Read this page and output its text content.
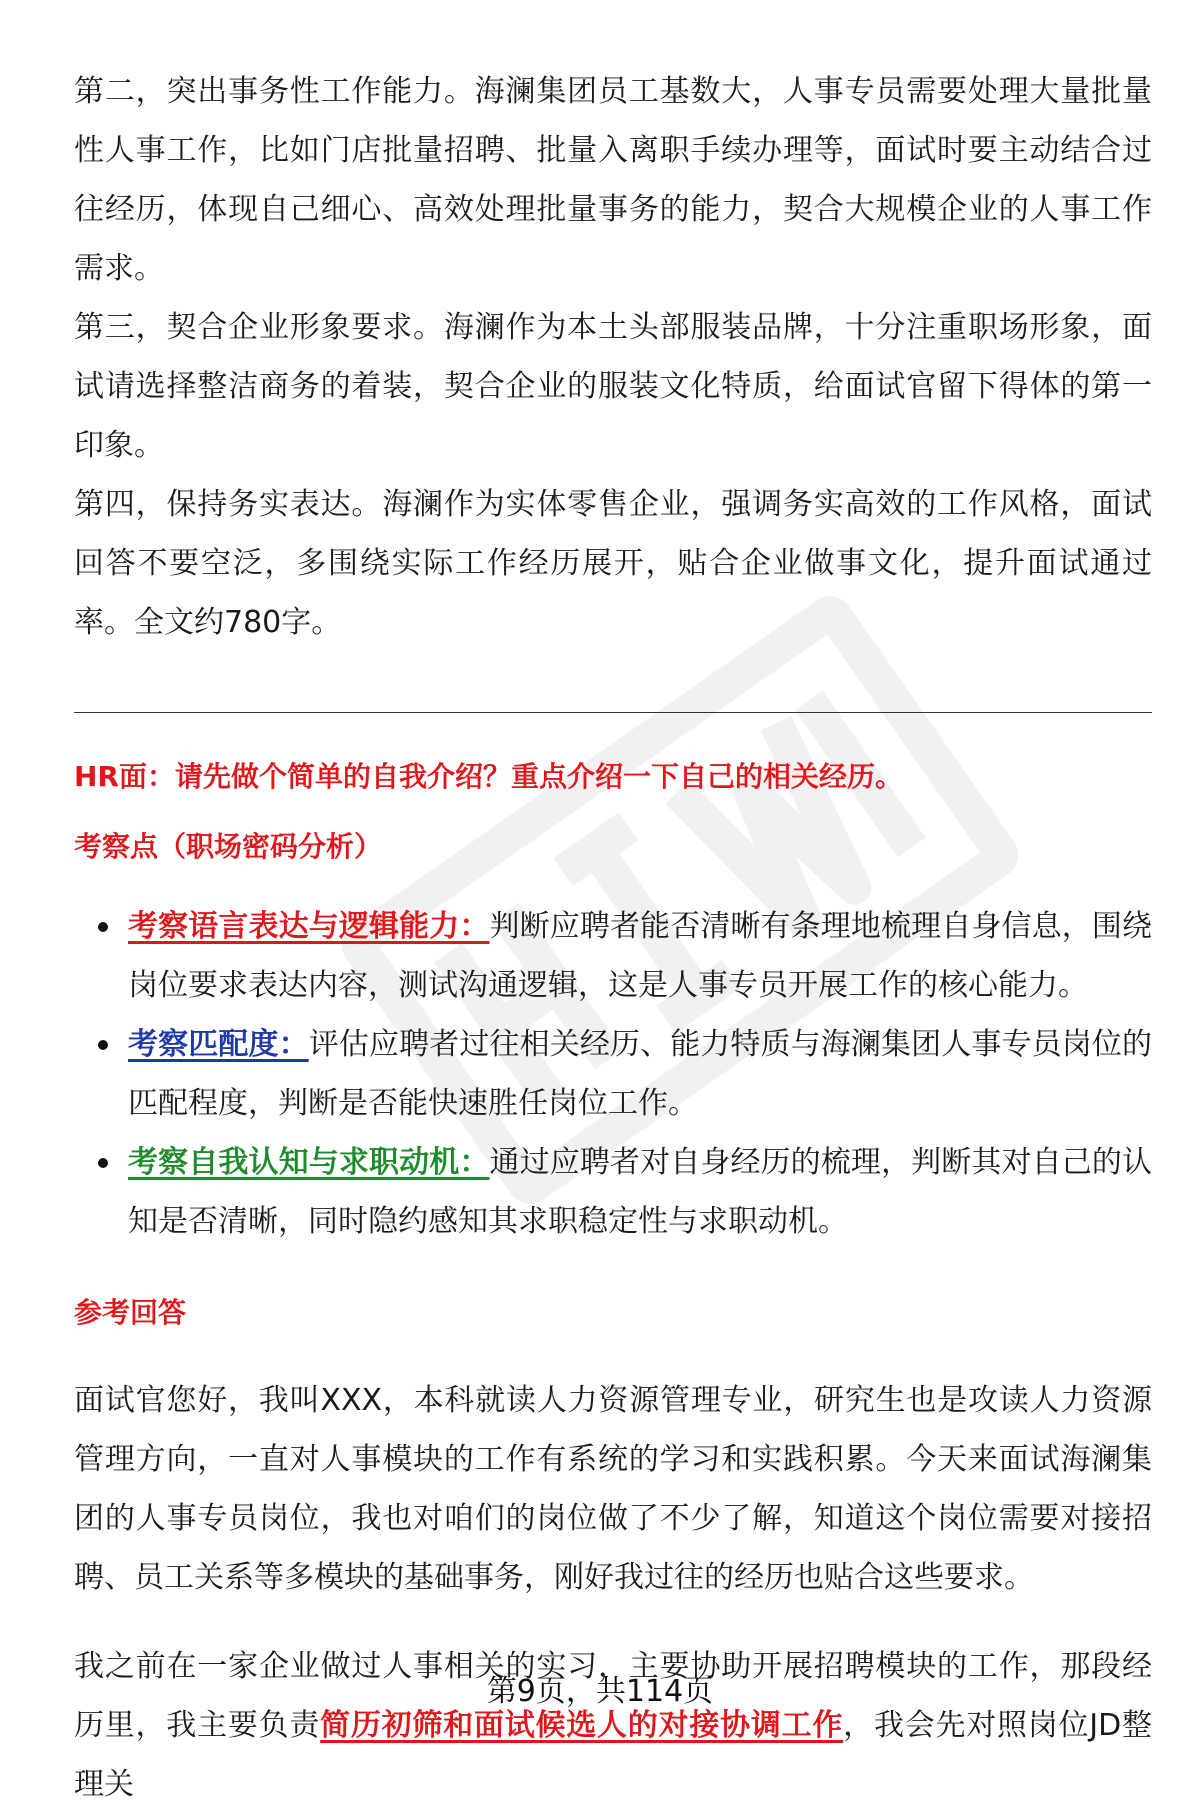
第二，突出事务性工作能力。海澜集团员工基数大，人事专员需要处理大量批量性人事工作，比如门店批量招聘、批量入离职手续办理等，面试时要主动结合过往经历，体现自己细心、高效处理批量事务的能力，契合大规模企业的人事工作需求。

第三，契合企业形象要求。海澜作为本土头部服装品牌，十分注重职场形象，面试请选择整洁商务的着装，契合企业的服装文化特质，给面试官留下得体的第一印象。

第四，保持务实表达。海澜作为实体零售企业，强调务实高效的工作风格，面试回答不要空泛，多围绕实际工作经历展开，贴合企业做事文化，提升面试通过率。全文约780字。

HR面：请先做个简单的自我介绍？重点介绍一下自己的相关经历。

考察点（职场密码分析）

考察语言表达与逻辑能力：判断应聘者能否清晰有条理地梳理自身信息，围绕岗位要求表达内容，测试沟通逻辑，这是人事专员开展工作的核心能力。
考察匹配度：评估应聘者过往相关经历、能力特质与海澜集团人事专员岗位的匹配程度，判断是否能快速胜任岗位工作。
考察自我认知与求职动机：通过应聘者对自身经历的梳理，判断其对自己的认知是否清晰，同时隐约感知其求职稳定性与求职动机。

参考回答

面试官您好，我叫XXX，本科就读人力资源管理专业，研究生也是攻读人力资源管理方向，一直对人事模块的工作有系统的学习和实践积累。今天来面试海澜集团的人事专员岗位，我也对咱们的岗位做了不少了解，知道这个岗位需要对接招聘、员工关系等多模块的基础事务，刚好我过往的经历也贴合这些要求。

我之前在一家企业做过人事相关的实习，主要协助开展招聘模块的工作，那段经历里，我主要负责简历初筛和面试候选人的对接协调工作，我会先对照岗位JD整理关

第9页，共114页
